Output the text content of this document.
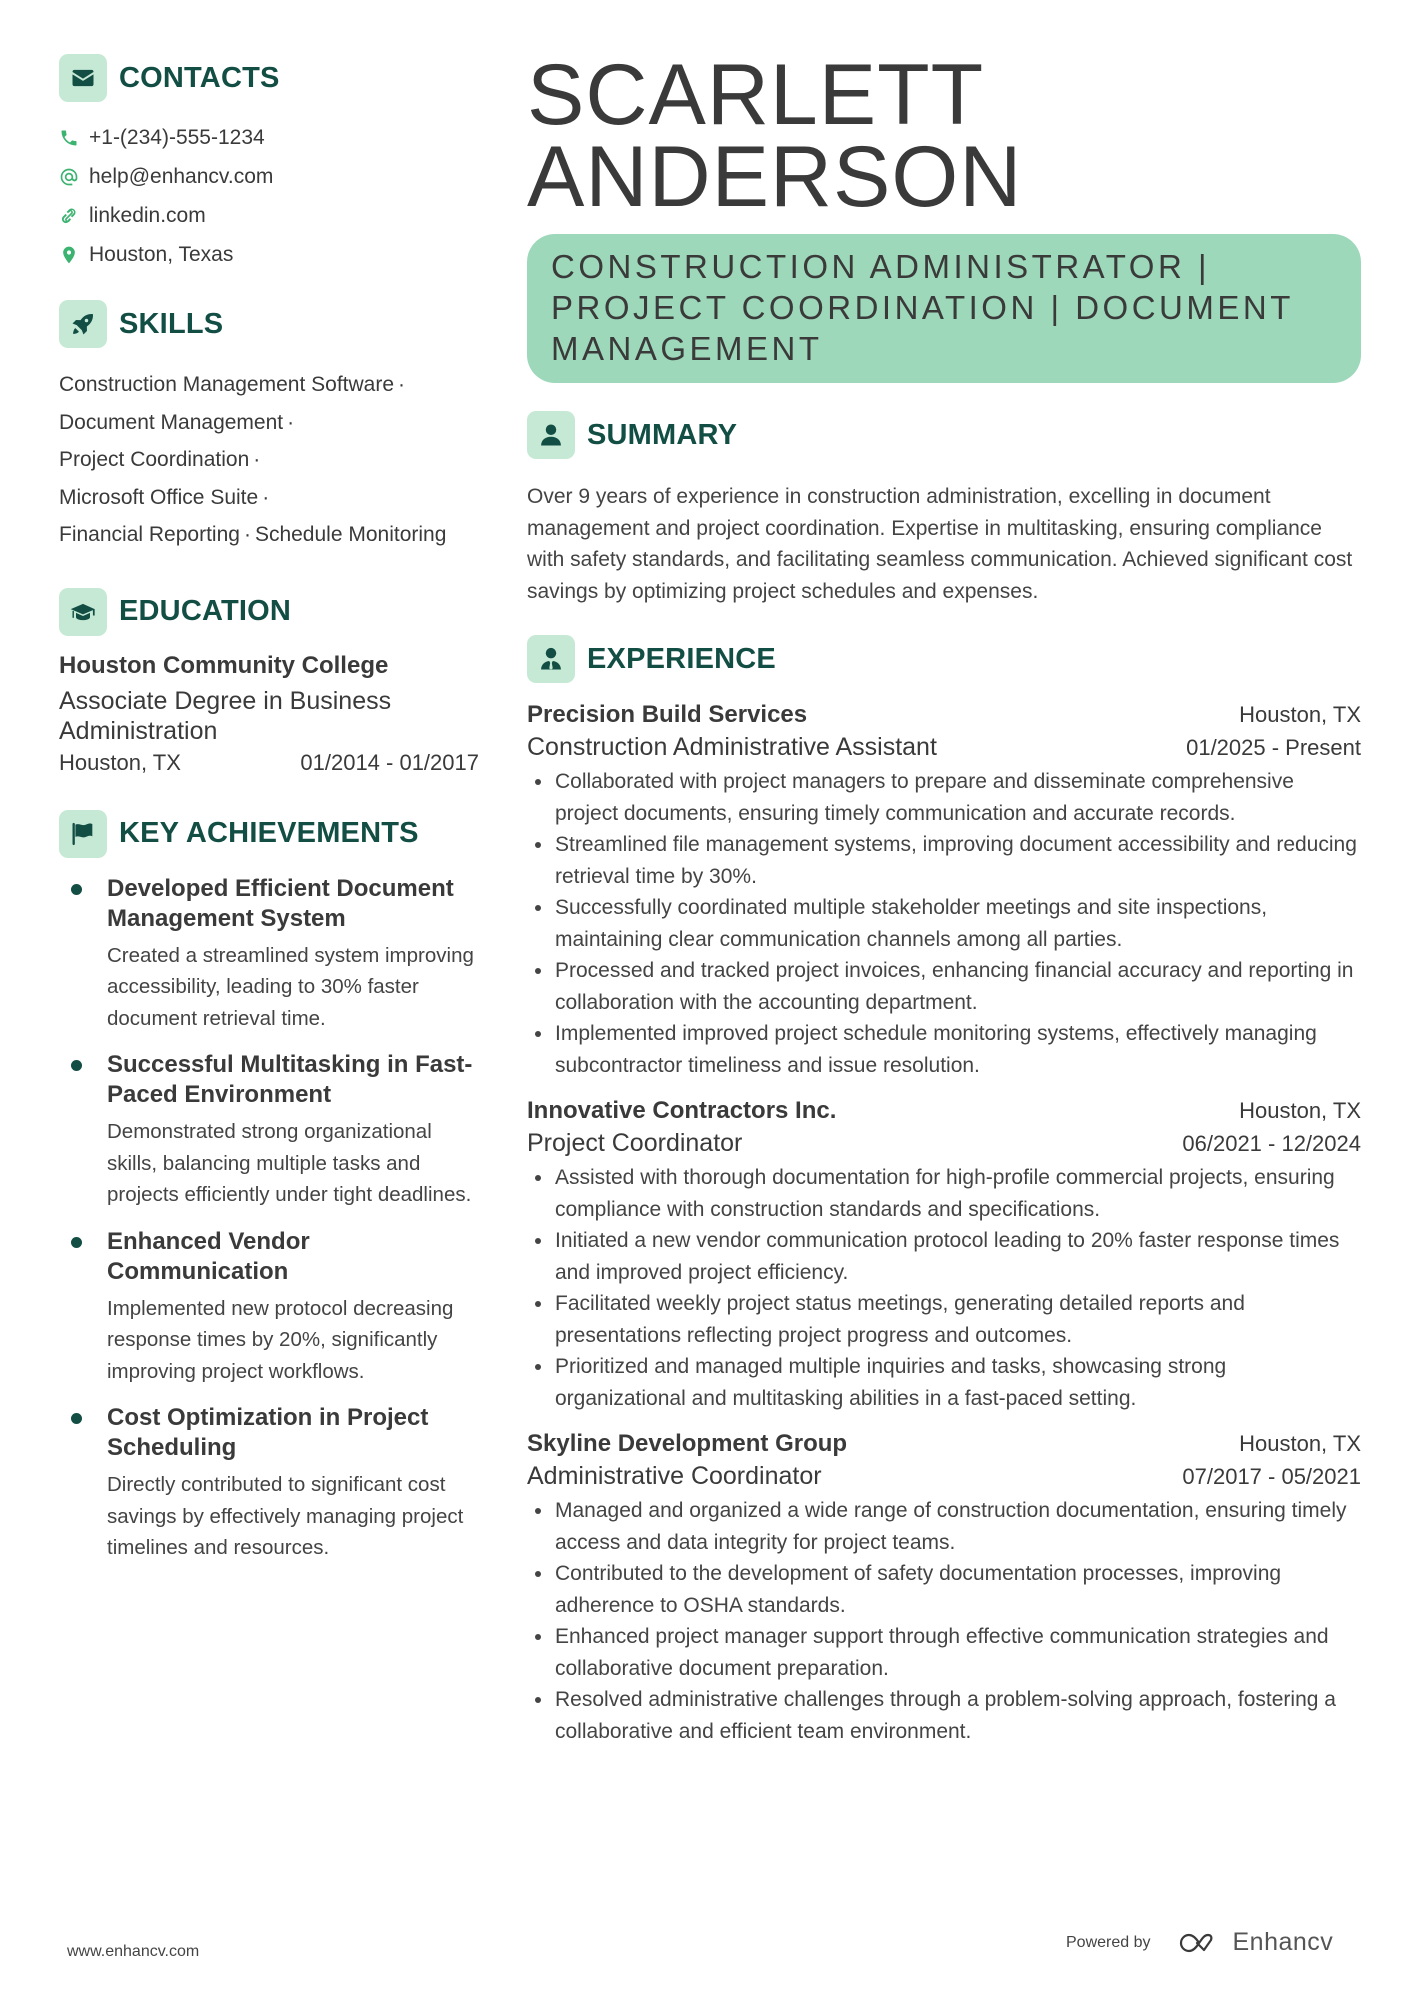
CONTACTS
+1-(234)-555-1234
help@enhancv.com
linkedin.com
Houston, Texas
SKILLS
Construction Management Software ·
Document Management ·
Project Coordination ·
Microsoft Office Suite ·
Financial Reporting · Schedule Monitoring
EDUCATION
Houston Community College
Associate Degree in Business Administration
Houston, TX	01/2014 - 01/2017
KEY ACHIEVEMENTS
Developed Efficient Document Management System
Created a streamlined system improving accessibility, leading to 30% faster document retrieval time.
Successful Multitasking in Fast-Paced Environment
Demonstrated strong organizational skills, balancing multiple tasks and projects efficiently under tight deadlines.
Enhanced Vendor Communication
Implemented new protocol decreasing response times by 20%, significantly improving project workflows.
Cost Optimization in Project Scheduling
Directly contributed to significant cost savings by effectively managing project timelines and resources.
SCARLETT
ANDERSON
CONSTRUCTION ADMINISTRATOR | PROJECT COORDINATION | DOCUMENT MANAGEMENT
SUMMARY

Over 9 years of experience in construction administration, excelling in document management and project coordination. Expertise in multitasking, ensuring compliance with safety standards, and facilitating seamless communication. Achieved significant cost savings by optimizing project schedules and expenses.

EXPERIENCE
Precision Build Services	Houston, TX
Construction Administrative Assistant	01/2025 - Present
Collaborated with project managers to prepare and disseminate comprehensive project documents, ensuring timely communication and accurate records.
Streamlined file management systems, improving document accessibility and reducing retrieval time by 30%.
Successfully coordinated multiple stakeholder meetings and site inspections, maintaining clear communication channels among all parties.
Processed and tracked project invoices, enhancing financial accuracy and reporting in collaboration with the accounting department.
Implemented improved project schedule monitoring systems, effectively managing subcontractor timeliness and issue resolution.
Innovative Contractors Inc.	Houston, TX
Project Coordinator	06/2021 - 12/2024
Assisted with thorough documentation for high-profile commercial projects, ensuring compliance with construction standards and specifications.
Initiated a new vendor communication protocol leading to 20% faster response times and improved project efficiency.
Facilitated weekly project status meetings, generating detailed reports and presentations reflecting project progress and outcomes.
Prioritized and managed multiple inquiries and tasks, showcasing strong organizational and multitasking abilities in a fast-paced setting.
Skyline Development Group	Houston, TX
Administrative Coordinator	07/2017 - 05/2021
Managed and organized a wide range of construction documentation, ensuring timely access and data integrity for project teams.
Contributed to the development of safety documentation processes, improving adherence to OSHA standards.
Enhanced project manager support through effective communication strategies and collaborative document preparation.
Resolved administrative challenges through a problem-solving approach, fostering a collaborative and efficient team environment.
www.enhancv.com
Powered by	Enhancv
